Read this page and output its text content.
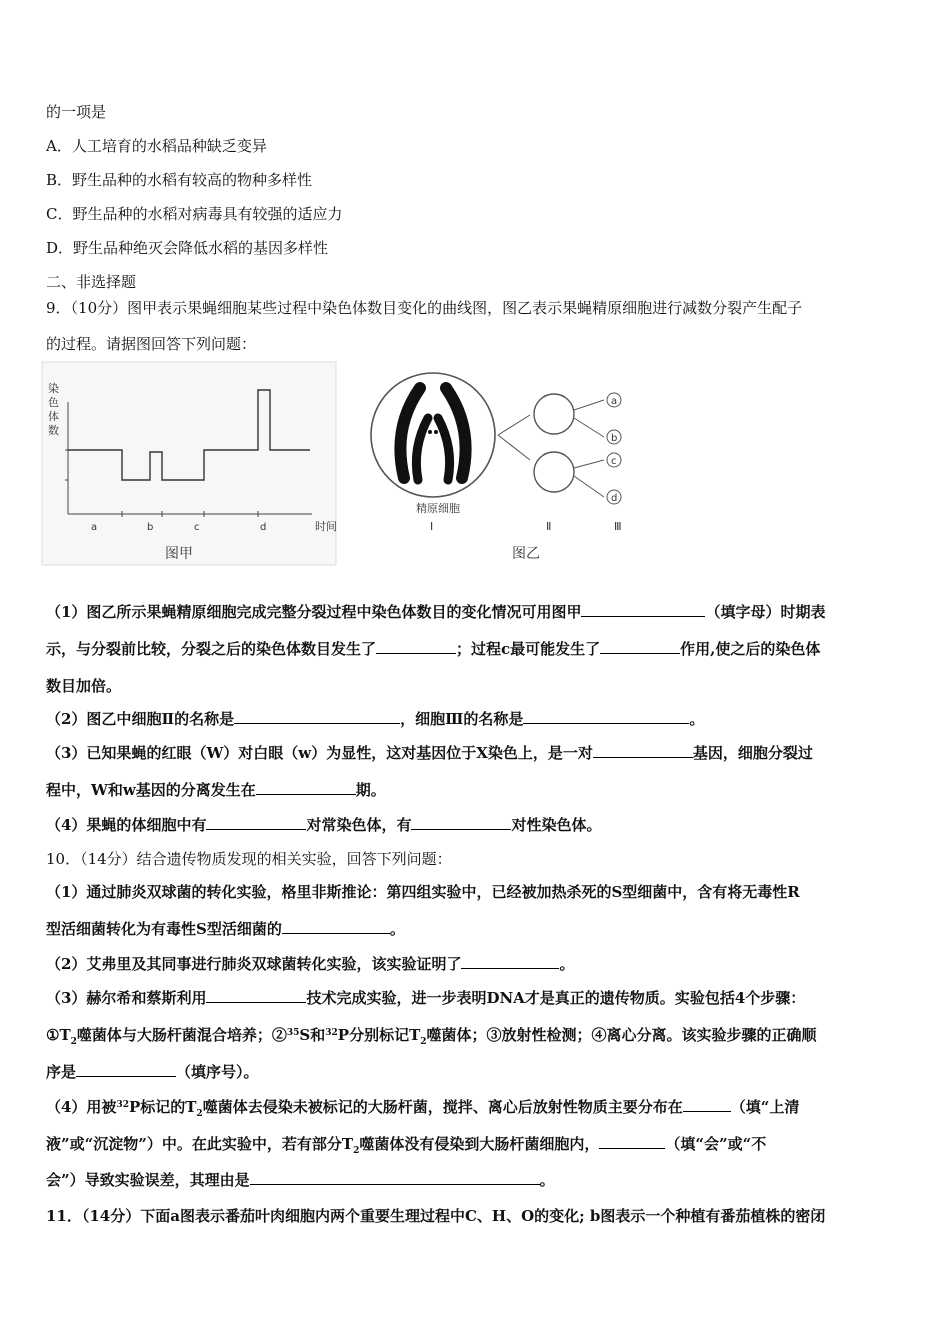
的一项是
A．人工培育的水稻品种缺乏变异
B．野生品种的水稻有较高的物种多样性
C．野生品种的水稻对病毒具有较强的适应力
D．野生品种绝灭会降低水稻的基因多样性
二、非选择题
9．（10分）图甲表示果蝇细胞某些过程中染色体数目变化的曲线图，图乙表示果蝇精原细胞进行减数分裂产生配子
的过程。请据图回答下列问题：
染
色
体
数
a	b	c	d	时间
图甲
a
b
c
d
精原细胞
Ⅰ	Ⅱ	Ⅲ
图乙
（1）图乙所示果蝇精原细胞完成完整分裂过程中染色体数目的变化情况可用图甲	（填字母）时期表
示，与分裂前比较，分裂之后的染色体数目发生了	；过程c最可能发生了	作用,使之后的染色体
数目加倍。
（2）图乙中细胞Ⅱ的名称是	，细胞Ⅲ的名称是	。
（3）已知果蝇的红眼（W）对白眼（w）为显性，这对基因位于X染色上，是一对	基因，细胞分裂过
程中，W和w基因的分离发生在	期。
（4）果蝇的体细胞中有	对常染色体，有	对性染色体。
10．（14分）结合遗传物质发现的相关实验，回答下列问题：
（1）通过肺炎双球菌的转化实验，格里非斯推论：第四组实验中，已经被加热杀死的S型细菌中，含有将无毒性R
型活细菌转化为有毒性S型活细菌的	。
（2）艾弗里及其同事进行肺炎双球菌转化实验，该实验证明了	。
（3）赫尔希和蔡斯利用	技术完成实验，进一步表明DNA才是真正的遗传物质。实验包括4个步骤：
$①T_2$噬菌体与大肠杆菌混合培养；②$^{35}$S和$^{32}$P分别标记$T_2$噬菌体；③放射性检测；④离心分离。该实验步骤的正确顺
序是	（填序号）。
（4）用被$^{32}$P标记的$T_2$噬菌体去侵染未被标记的大肠杆菌，搅拌、离心后放射性物质主要分布在	（填“上清
液”或“沉淀物”）中。在此实验中，若有部分$T_2$噬菌体没有侵染到大肠杆菌细胞内，	（填“会”或“不
会”）导致实验误差，其理由是	。
11．（14分）下面a图表示番茄叶肉细胞内两个重要生理过程中C、H、O的变化; b图表示一个种植有番茄植株的密闭
